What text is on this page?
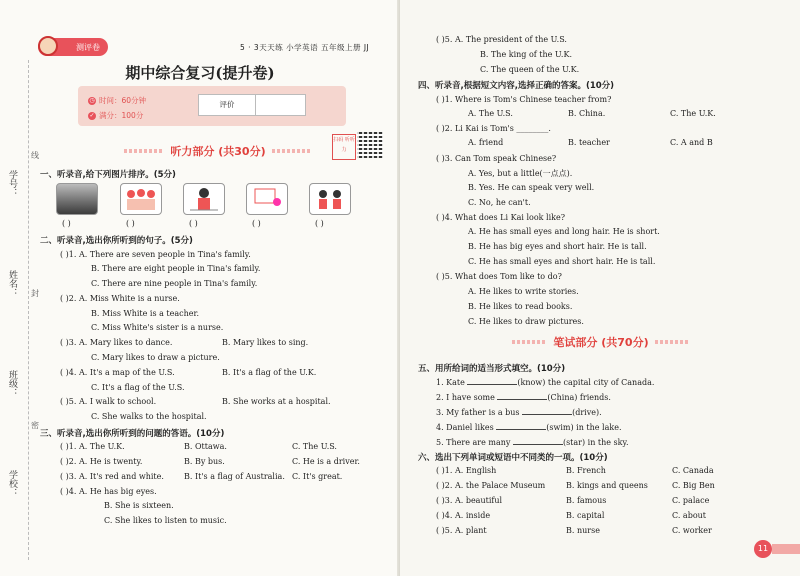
学号：
姓名：
班级：
学校：
线
封
密
测评卷	5 · 3天天练 小学英语 五年级上册 JJ
期中综合复习(提升卷)
◷ 时间：60分钟
✓ 满分：100分
评价
听力部分 (共30分)
扫码 听听力
一、听录音,给下列图片排序。(5分)
( )	( )	( )	( )	( )
二、听录音,选出你所听到的句子。(5分)
( )1. A. There are seven people in Tina's family.
B. There are eight people in Tina's family.
C. There are nine people in Tina's family.
( )2. A. Miss White is a nurse.
B. Miss White is a teacher.
C. Miss White's sister is a nurse.
( )3. A. Mary likes to dance.	B. Mary likes to sing.
C. Mary likes to draw a picture.
( )4. A. It's a map of the U.S.	B. It's a flag of the U.K.
C. It's a flag of the U.S.
( )5. A. I walk to school.	B. She works at a hospital.
C. She walks to the hospital.
三、听录音,选出你所听到的问题的答语。(10分)
( )1. A. The U.K.	B. Ottawa.	C. The U.S.
( )2. A. He is twenty.	B. By bus.	C. He is a driver.
( )3. A. It's red and white.	B. It's a flag of Australia. C. It's great.
( )4. A. He has big eyes.
B. She is sixteen.
C. She likes to listen to music.
( )5. A. The president of the U.S.
B. The king of the U.K.
C. The queen of the U.K.
四、听录音,根据短文内容,选择正确的答案。(10分)
( )1. Where is Tom's Chinese teacher from?
A. The U.S.	B. China.	C. The U.K.
( )2. Li Kai is Tom's ________.
A. friend	B. teacher	C. A and B
( )3. Can Tom speak Chinese?
A. Yes, but a little(一点点).
B. Yes. He can speak very well.
C. No, he can't.
( )4. What does Li Kai look like?
A. He has small eyes and long hair. He is short.
B. He has big eyes and short hair. He is tall.
C. He has small eyes and short hair. He is tall.
( )5. What does Tom like to do?
A. He likes to write stories.
B. He likes to read books.
C. He likes to draw pictures.
笔试部分 (共70分)
五、用所给词的适当形式填空。(10分)
1. Kate	(know) the capital city of Canada.
2. I have some	(China) friends.
3. My father is a bus	(drive).
4. Daniel likes	(swim) in the lake.
5. There are many	(star) in the sky.
六、选出下列单词或短语中不同类的一项。(10分)
( )1. A. English	B. French	C. Canada
( )2. A. the Palace Museum	B. kings and queens	C. Big Ben
( )3. A. beautiful	B. famous	C. palace
( )4. A. inside	B. capital	C. about
( )5. A. plant	B. nurse	C. worker
11
